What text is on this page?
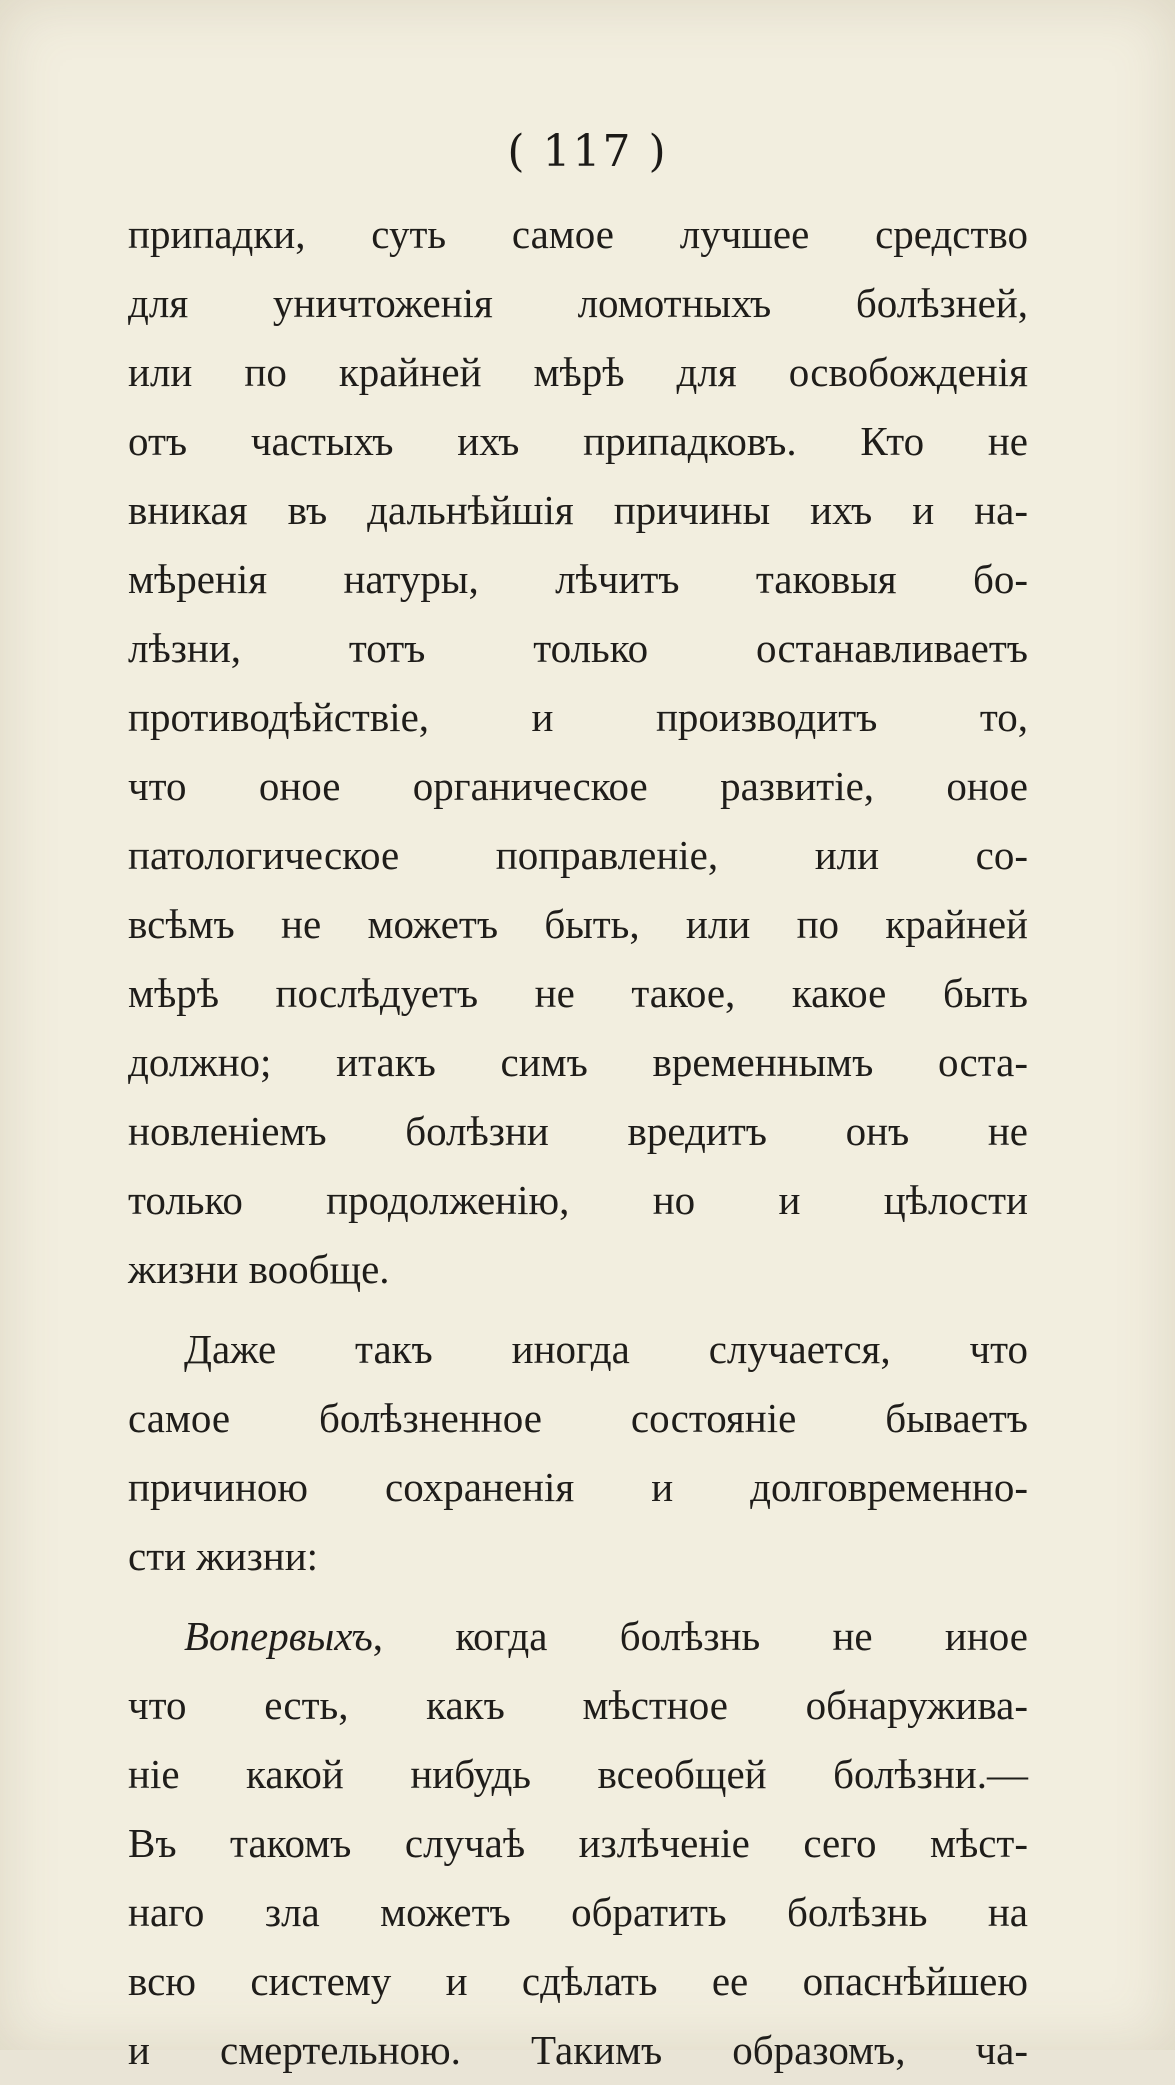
( 117 )
припадки, суть самое лучшее средство
для уничтоженія ломотныхъ болѣзней,
или по крайней мѣрѣ для освобожденія
отъ частыхъ ихъ припадковъ. Кто не
вникая въ дальнѣйшія причины ихъ и на-
мѣренія натуры, лѣчитъ таковыя бо-
лѣзни, тотъ только останавливаетъ
противодѣйствіе, и производитъ то,
что оное органическое развитіе, оное
патологическое поправленіе, или со-
всѣмъ не можетъ быть, или по крайней
мѣрѣ послѣдуетъ не такое, какое быть
должно; итакъ симъ временнымъ оста-
новленіемъ болѣзни вредитъ онъ не
только продолженію, но и цѣлости
жизни вообще.
Даже такъ иногда случается, что
самое болѣзненное состояніе бываетъ
причиною сохраненія и долговременно-
сти жизни:
Вопервыхъ, когда болѣзнь не иное
что есть, какъ мѣстное обнаружива-
ніе какой нибудь всеобщей болѣзни.—
Въ такомъ случаѣ излѣченіе сего мѣст-
наго зла можетъ обратить болѣзнь на
всю систему и сдѣлать ее опаснѣйшею
и смертельною. Такимъ образомъ, ча-
